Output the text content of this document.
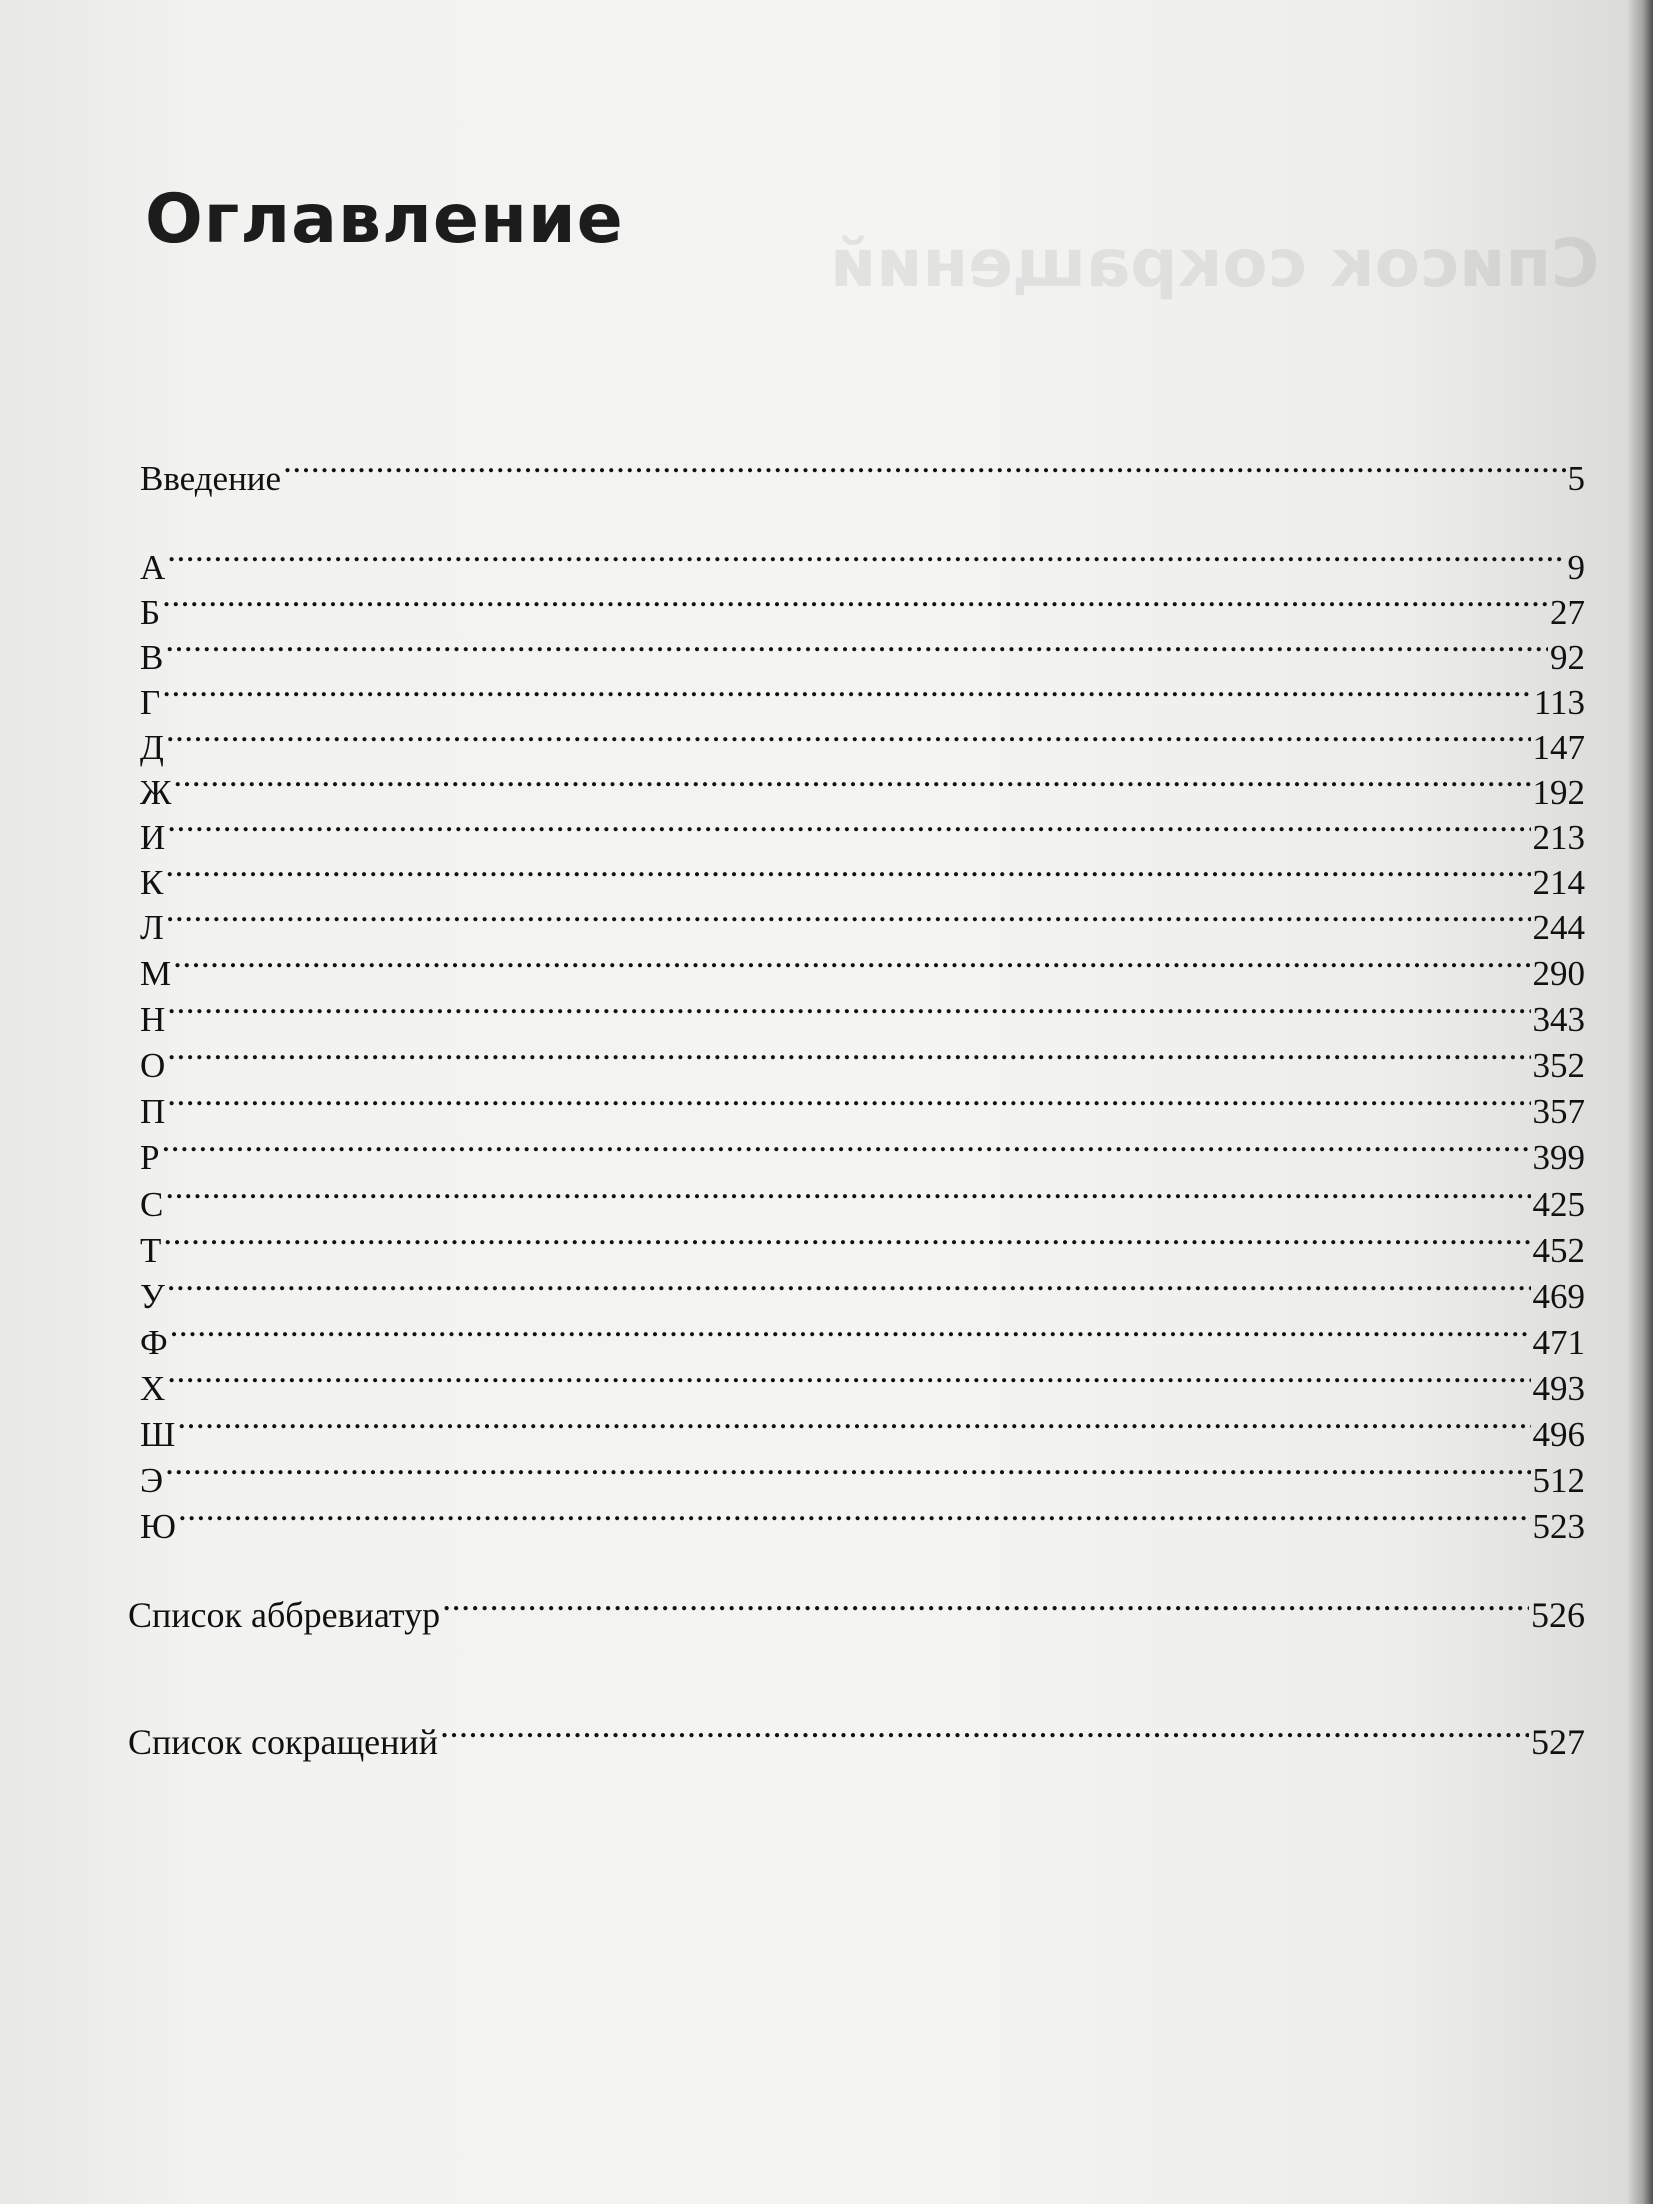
Список сокращений
Оглавление
Введение .....	5
А .....	9
Б .....	27
В .....	92
Г .....	113
Д .....	147
Ж .....	192
И .....	213
К .....	214
Л .....	244
М .....	290
Н .....	343
О .....	352
П .....	357
Р .....	399
С .....	425
Т .....	452
У .....	469
Ф .....	471
Х .....	493
Ш .....	496
Э .....	512
Ю .....	523
Список аббревиатур .....	526
Список сокращений .....	527
